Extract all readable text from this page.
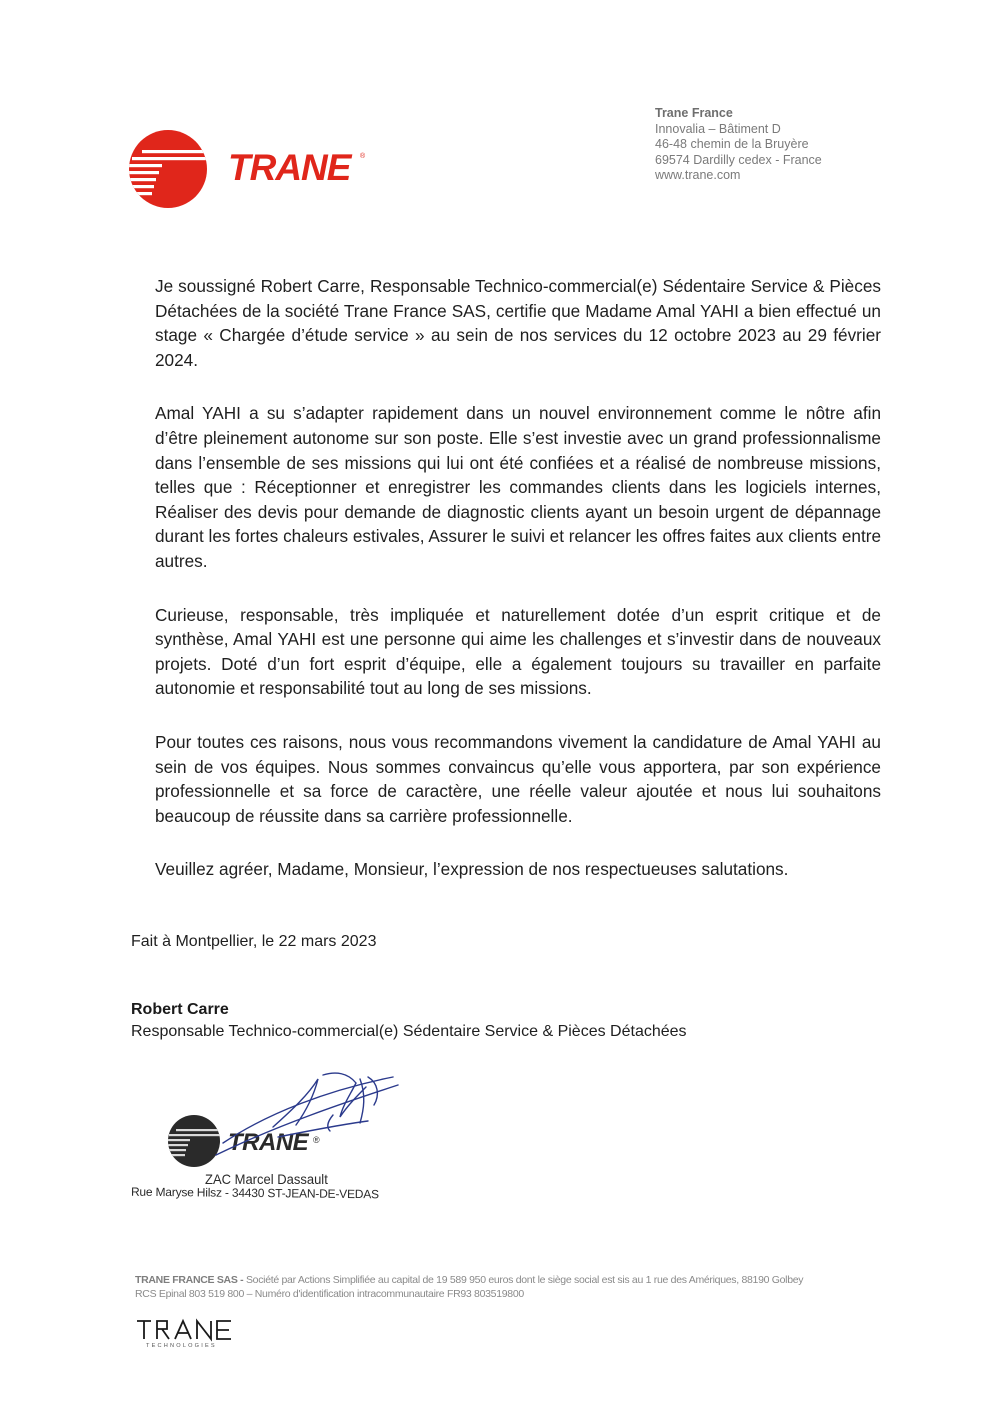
TRANE	®
Trane France
Innovalia – Bâtiment D
46-48 chemin de la Bruyère
69574 Dardilly cedex - France
www.trane.com

Je soussigné Robert Carre, Responsable Technico-commercial(e) Sédentaire Service & Pièces Détachées de la société Trane France SAS, certifie que Madame Amal YAHI a bien effectué un stage « Chargée d’étude service » au sein de nos services du 12 octobre 2023 au 29 février 2024.

Amal YAHI a su s’adapter rapidement dans un nouvel environnement comme le nôtre afin d’être pleinement autonome sur son poste. Elle s’est investie avec un grand professionnalisme dans l’ensemble de ses missions qui lui ont été confiées et a réalisé de nombreuse missions, telles que : Réceptionner et enregistrer les commandes clients dans les logiciels internes, Réaliser des devis pour demande de diagnostic clients ayant un besoin urgent de dépannage durant les fortes chaleurs estivales, Assurer le suivi et relancer les offres faites aux clients entre autres.

Curieuse, responsable, très impliquée et naturellement dotée d’un esprit critique et de synthèse, Amal YAHI est une personne qui aime les challenges et s’investir dans de nouveaux projets. Doté d’un fort esprit d’équipe, elle a également toujours su travailler en parfaite autonomie et responsabilité tout au long de ses missions.

Pour toutes ces raisons, nous vous recommandons vivement la candidature de Amal YAHI au sein de vos équipes. Nous sommes convaincus qu’elle vous apportera, par son expérience professionnelle et sa force de caractère, une réelle valeur ajoutée et nous lui souhaitons beaucoup de réussite dans sa carrière professionnelle.

Veuillez agréer, Madame, Monsieur, l’expression de nos respectueuses salutations.

Fait à Montpellier, le 22 mars 2023
Robert Carre
Responsable Technico-commercial(e) Sédentaire Service & Pièces Détachées
TRANE ®
ZAC Marcel Dassault
Rue Maryse Hilsz - 34430 ST-JEAN-DE-VEDAS
TRANE FRANCE SAS - Société par Actions Simplifiée au capital de 19 589 950 euros dont le siège social est sis au 1 rue des Amériques, 88190 Golbey
RCS Epinal 803 519 800 – Numéro d'identification intracommunautaire FR93 803519800
TECHNOLOGIES
